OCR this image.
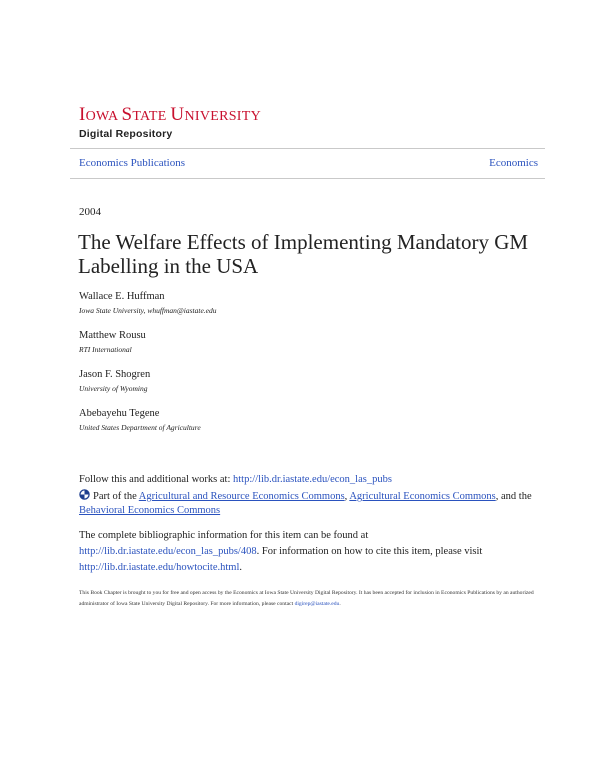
IOWA STATE UNIVERSITY
Digital Repository
Economics Publications	Economics
2004
The Welfare Effects of Implementing Mandatory GM Labelling in the USA
Wallace E. Huffman
Iowa State University, whuffman@iastate.edu
Matthew Rousu
RTI International
Jason F. Shogren
University of Wyoming
Abebayehu Tegene
United States Department of Agriculture
Follow this and additional works at: http://lib.dr.iastate.edu/econ_las_pubs
Part of the Agricultural and Resource Economics Commons, Agricultural Economics Commons, and the Behavioral Economics Commons
The complete bibliographic information for this item can be found at http://lib.dr.iastate.edu/econ_las_pubs/408. For information on how to cite this item, please visit http://lib.dr.iastate.edu/howtocite.html.
This Book Chapter is brought to you for free and open access by the Economics at Iowa State University Digital Repository. It has been accepted for inclusion in Economics Publications by an authorized administrator of Iowa State University Digital Repository. For more information, please contact digirep@iastate.edu.
